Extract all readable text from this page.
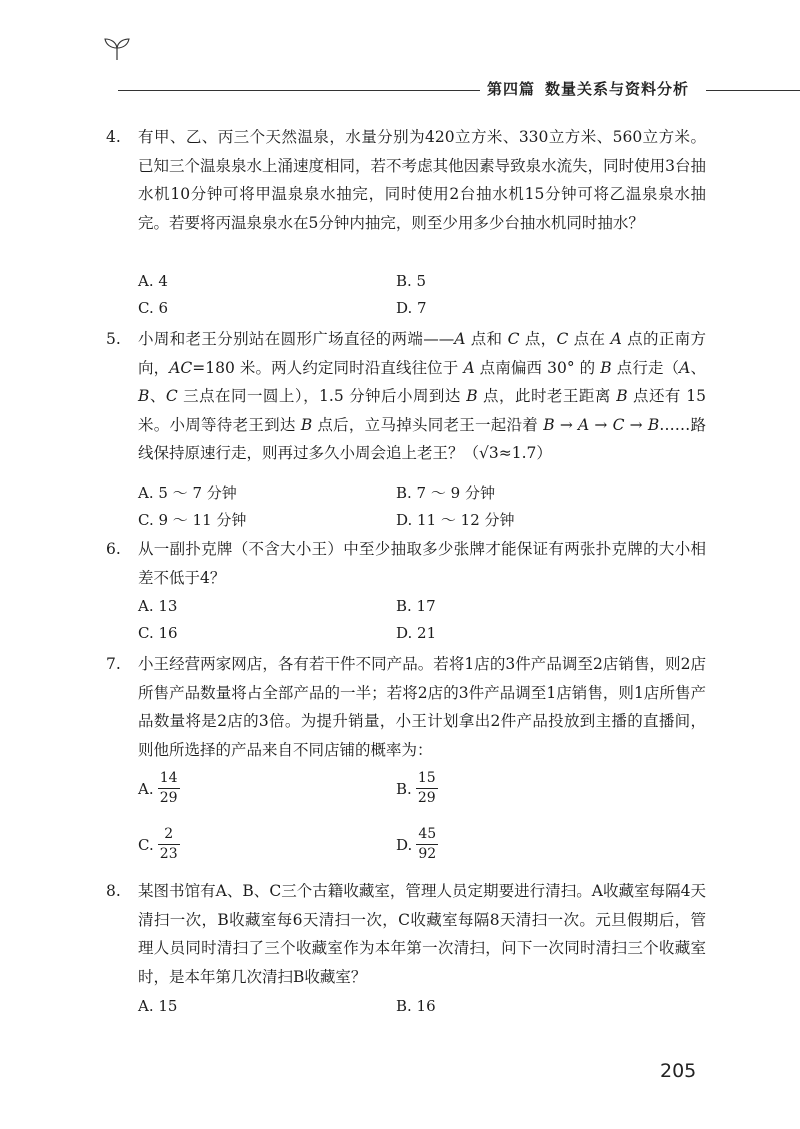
第四篇 数量关系与资料分析
4.	有甲、乙、丙三个天然温泉，水量分别为420立方米、330立方米、560立方米。已知三个温泉泉水上涌速度相同，若不考虑其他因素导致泉水流失，同时使用3台抽水机10分钟可将甲温泉泉水抽完，同时使用2台抽水机15分钟可将乙温泉泉水抽完。若要将丙温泉泉水在5分钟内抽完，则至少用多少台抽水机同时抽水？
A. 4	B. 5
C. 6	D. 7
5.	小周和老王分别站在圆形广场直径的两端——A 点和 C 点，C 点在 A 点的正南方向，AC=180 米。两人约定同时沿直线往位于 A 点南偏西 30° 的 B 点行走（A、B、C 三点在同一圆上），1.5 分钟后小周到达 B 点，此时老王距离 B 点还有 15 米。小周等待老王到达 B 点后，立马掉头同老王一起沿着 B → A → C → B……路线保持原速行走，则再过多久小周会追上老王？（√3≈1.7）
A. 5 ～ 7 分钟	B. 7 ～ 9 分钟
C. 9 ～ 11 分钟	D. 11 ～ 12 分钟
6.	从一副扑克牌（不含大小王）中至少抽取多少张牌才能保证有两张扑克牌的大小相差不低于4？
A. 13	B. 17
C. 16	D. 21
7.	小王经营两家网店，各有若干件不同产品。若将1店的3件产品调至2店销售，则2店所售产品数量将占全部产品的一半；若将2店的3件产品调至1店销售，则1店所售产品数量将是2店的3倍。为提升销量，小王计划拿出2件产品投放到主播的直播间，则他所选择的产品来自不同店铺的概率为：
A. $\frac{14}{29}$	B. $\frac{15}{29}$
C. $\frac{2}{23}$	D. $\frac{45}{92}$
8.	某图书馆有A、B、C三个古籍收藏室，管理人员定期要进行清扫。A收藏室每隔4天清扫一次，B收藏室每6天清扫一次，C收藏室每隔8天清扫一次。元旦假期后，管理人员同时清扫了三个收藏室作为本年第一次清扫，问下一次同时清扫三个收藏室时，是本年第几次清扫B收藏室？
A. 15	B. 16
205
